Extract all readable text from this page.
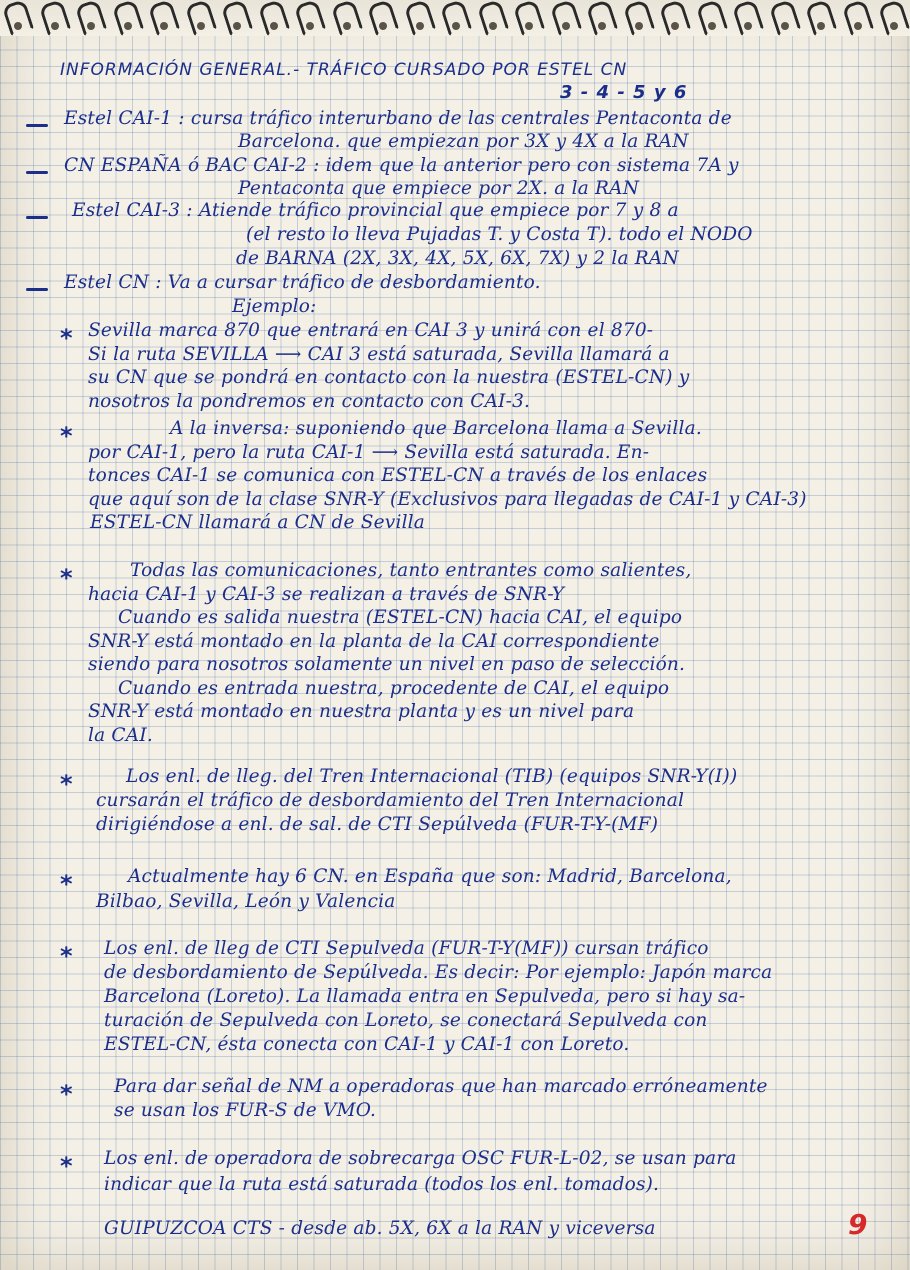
INFORMACIÓN GENERAL.- TRÁFICO CURSADO POR ESTEL CN
3 - 4 - 5 y 6
Estel CAI-1 : cursa tráfico interurbano de las centrales Pentaconta de
Barcelona. que empiezan por 3X y 4X a la RAN
CN ESPAÑA ó BAC CAI-2 : idem que la anterior pero con sistema 7A y
Pentaconta que empiece por 2X. a la RAN
Estel CAI-3 : Atiende tráfico provincial que empiece por 7 y 8 a
(el resto lo lleva Pujadas T. y Costa T). todo el NODO
de BARNA (2X, 3X, 4X, 5X, 6X, 7X) y 2 la RAN
Estel CN : Va a cursar tráfico de desbordamiento.
Ejemplo:
* Sevilla marca 870 que entrará en CAI 3 y unirá con el 870-
Si la ruta SEVILLA ⟶ CAI 3 está saturada, Sevilla llamará a
su CN que se pondrá en contacto con la nuestra (ESTEL-CN) y
nosotros la pondremos en contacto con CAI-3.
*	A la inversa: suponiendo que Barcelona llama a Sevilla.
por CAI-1, pero la ruta CAI-1 ⟶ Sevilla está saturada. En-
tonces CAI-1 se comunica con ESTEL-CN a través de los enlaces
que aquí son de la clase SNR-Y (Exclusivos para llegadas de CAI-1 y CAI-3)
ESTEL-CN llamará a CN de Sevilla
*	Todas las comunicaciones, tanto entrantes como salientes,
hacia CAI-1 y CAI-3 se realizan a través de SNR-Y
Cuando es salida nuestra (ESTEL-CN) hacia CAI, el equipo
SNR-Y está montado en la planta de la CAI correspondiente
siendo para nosotros solamente un nivel en paso de selección.
Cuando es entrada nuestra, procedente de CAI, el equipo
SNR-Y está montado en nuestra planta y es un nivel para
la CAI.
*	Los enl. de lleg. del Tren Internacional (TIB) (equipos SNR-Y(I))
cursarán el tráfico de desbordamiento del Tren Internacional
dirigiéndose a enl. de sal. de CTI Sepúlveda (FUR-T-Y-(MF)
*	Actualmente hay 6 CN. en España que son: Madrid, Barcelona,
Bilbao, Sevilla, León y Valencia
* Los enl. de lleg de CTI Sepulveda (FUR-T-Y(MF)) cursan tráfico
de desbordamiento de Sepúlveda. Es decir: Por ejemplo: Japón marca
Barcelona (Loreto). La llamada entra en Sepulveda, pero si hay sa-
turación de Sepulveda con Loreto, se conectará Sepulveda con
ESTEL-CN, ésta conecta con CAI-1 y CAI-1 con Loreto.
* Para dar señal de NM a operadoras que han marcado erróneamente
se usan los FUR-S de VMO.
* Los enl. de operadora de sobrecarga OSC FUR-L-02, se usan para
indicar que la ruta está saturada (todos los enl. tomados).
GUIPUZCOA CTS - desde ab. 5X, 6X a la RAN y viceversa	9
